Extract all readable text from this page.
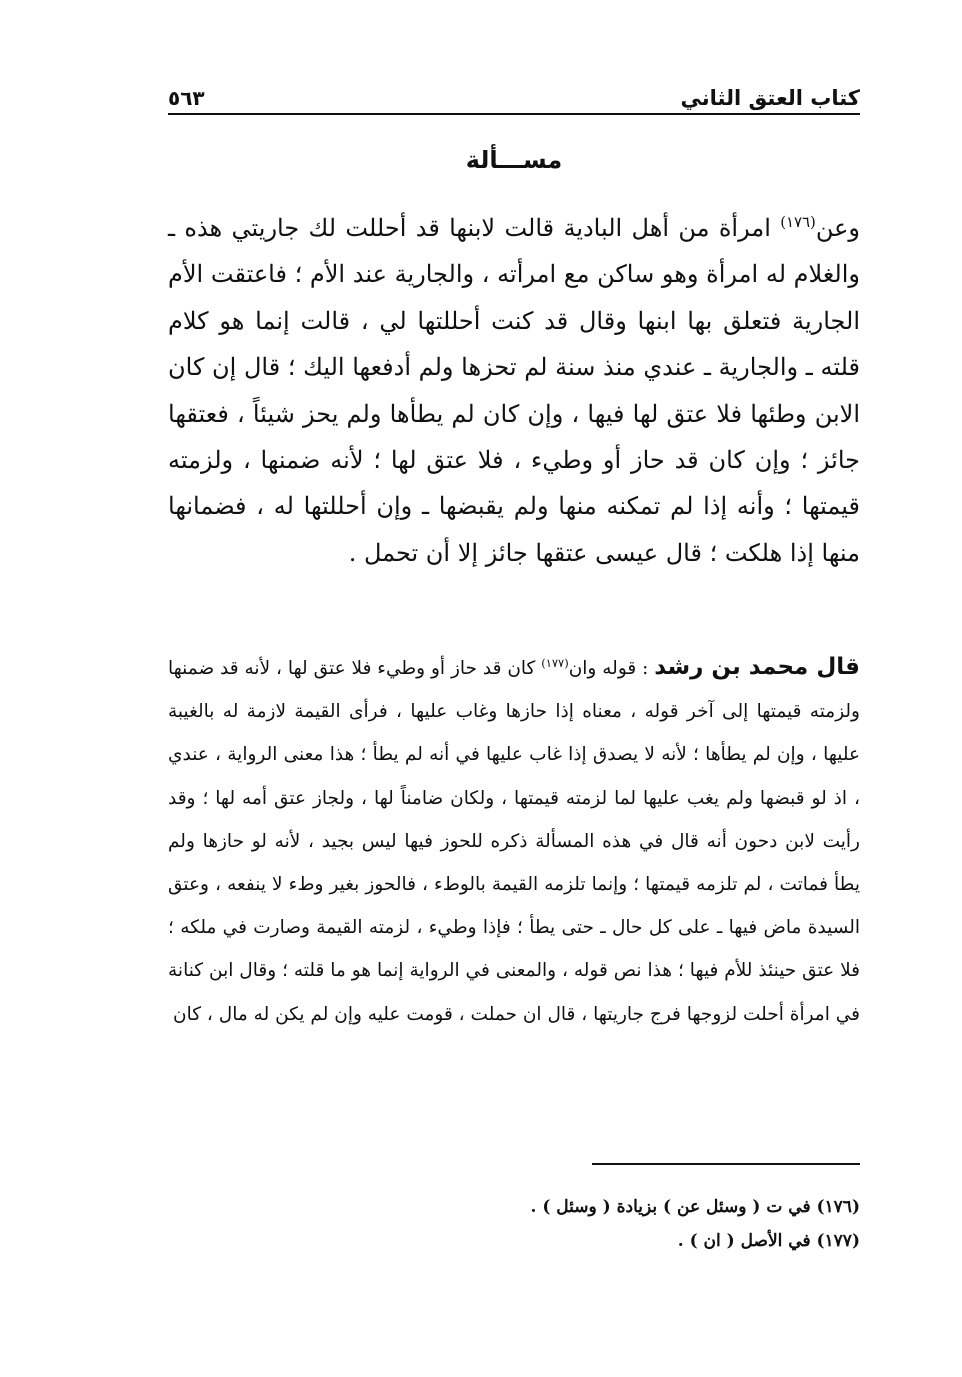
كتاب العتق الثاني
٥٦٣
مســـألة

وعن$^{(١٧٦)}$ امرأة من أهل البادية قالت لابنها قد أحللت لك جاريتي هذه ـ والغلام له امرأة وهو ساكن مع امرأته ، والجارية عند الأم ؛ فاعتقت الأم الجارية فتعلق بها ابنها وقال قد كنت أحللتها لي ، قالت إنما هو كلام قلته ـ والجارية ـ عندي منذ سنة لم تحزها ولم أدفعها اليك ؛ قال إن كان الابن وطئها فلا عتق لها فيها ، وإن كان لم يطأها ولم يحز شيئاً ، فعتقها جائز ؛ وإن كان قد حاز أو وطيء ، فلا عتق لها ؛ لأنه ضمنها ، ولزمته قيمتها ؛ وأنه إذا لم تمكنه منها ولم يقبضها ـ وإن أحللتها له ، فضمانها منها إذا هلكت ؛ قال عيسى عتقها جائز إلا أن تحمل .

قال محمد بن رشد : قوله وان$^{(١٧٧)}$ كان قد حاز أو وطيء فلا عتق لها ، لأنه قد ضمنها ولزمته قيمتها إلى آخر قوله ، معناه إذا حازها وغاب عليها ، فرأى القيمة لازمة له بالغيبة عليها ، وإن لم يطأها ؛ لأنه لا يصدق إذا غاب عليها في أنه لم يطأ ؛ هذا معنى الرواية ، عندي ، اذ لو قبضها ولم يغب عليها لما لزمته قيمتها ، ولكان ضامناً لها ، ولجاز عتق أمه لها ؛ وقد رأيت لابن دحون أنه قال في هذه المسألة ذكره للحوز فيها ليس بجيد ، لأنه لو حازها ولم يطأ فماتت ، لم تلزمه قيمتها ؛ وإنما تلزمه القيمة بالوطء ، فالحوز بغير وطء لا ينفعه ، وعتق السيدة ماض فيها ـ على كل حال ـ حتى يطأ ؛ فإذا وطيء ، لزمته القيمة وصارت في ملكه ؛ فلا عتق حينئذ للأم فيها ؛ هذا نص قوله ، والمعنى في الرواية إنما هو ما قلته ؛ وقال ابن كنانة في امرأة أحلت لزوجها فرج جاريتها ، قال ان حملت ، قومت عليه وإن لم يكن له مال ، كان

(١٧٦) في ت ( وسئل عن ) بزيادة ( وسئل ) .
(١٧٧) في الأصل ( ان ) .
